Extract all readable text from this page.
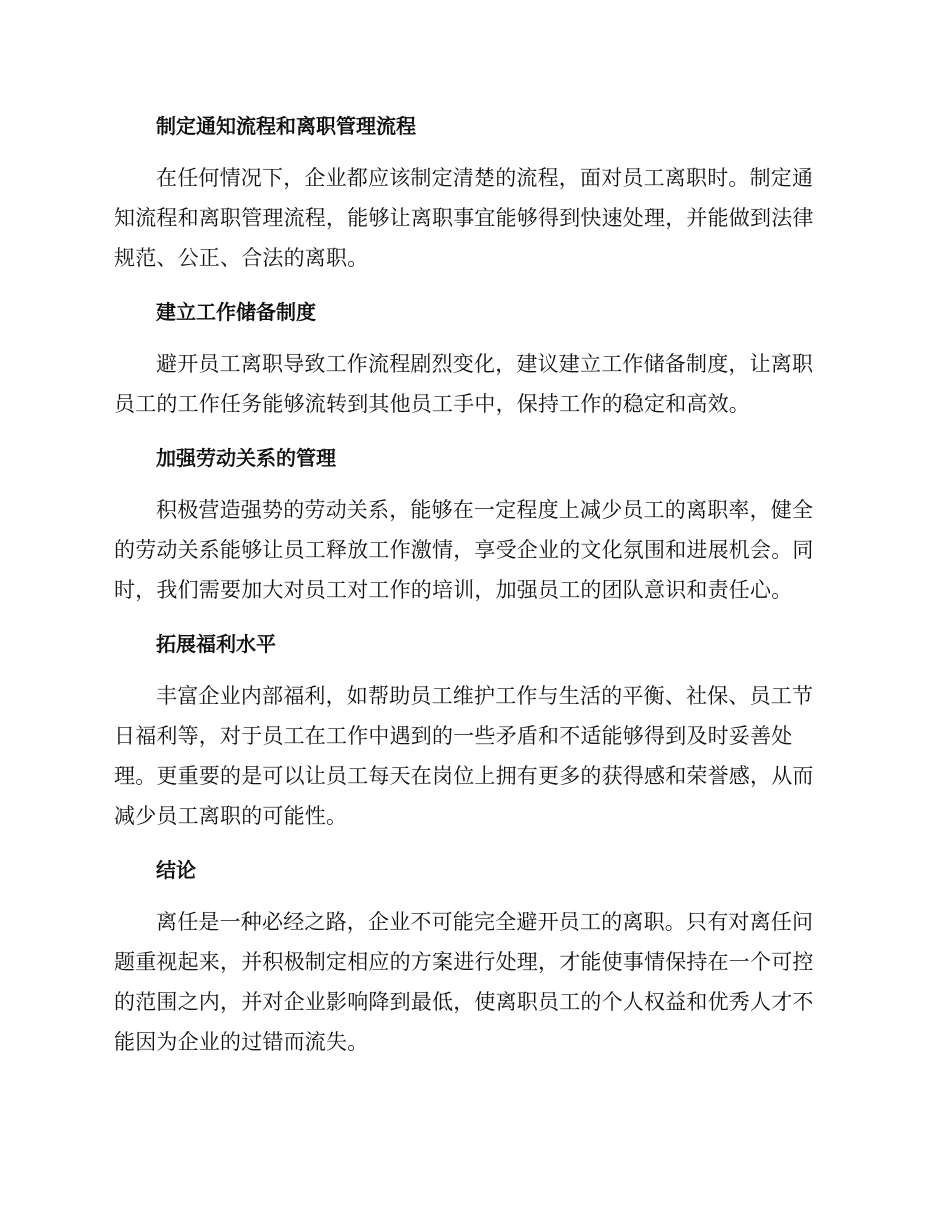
制定通知流程和离职管理流程

在任何情况下，企业都应该制定清楚的流程，面对员工离职时。制定通知流程和离职管理流程，能够让离职事宜能够得到快速处理，并能做到法律规范、公正、合法的离职。

建立工作储备制度

避开员工离职导致工作流程剧烈变化，建议建立工作储备制度，让离职员工的工作任务能够流转到其他员工手中，保持工作的稳定和高效。

加强劳动关系的管理

积极营造强势的劳动关系，能够在一定程度上减少员工的离职率，健全的劳动关系能够让员工释放工作激情，享受企业的文化氛围和进展机会。同时，我们需要加大对员工对工作的培训，加强员工的团队意识和责任心。

拓展福利水平

丰富企业内部福利，如帮助员工维护工作与生活的平衡、社保、员工节日福利等，对于员工在工作中遇到的一些矛盾和不适能够得到及时妥善处理。更重要的是可以让员工每天在岗位上拥有更多的获得感和荣誉感，从而减少员工离职的可能性。

结论

离任是一种必经之路，企业不可能完全避开员工的离职。只有对离任问题重视起来，并积极制定相应的方案进行处理，才能使事情保持在一个可控的范围之内，并对企业影响降到最低，使离职员工的个人权益和优秀人才不能因为企业的过错而流失。
